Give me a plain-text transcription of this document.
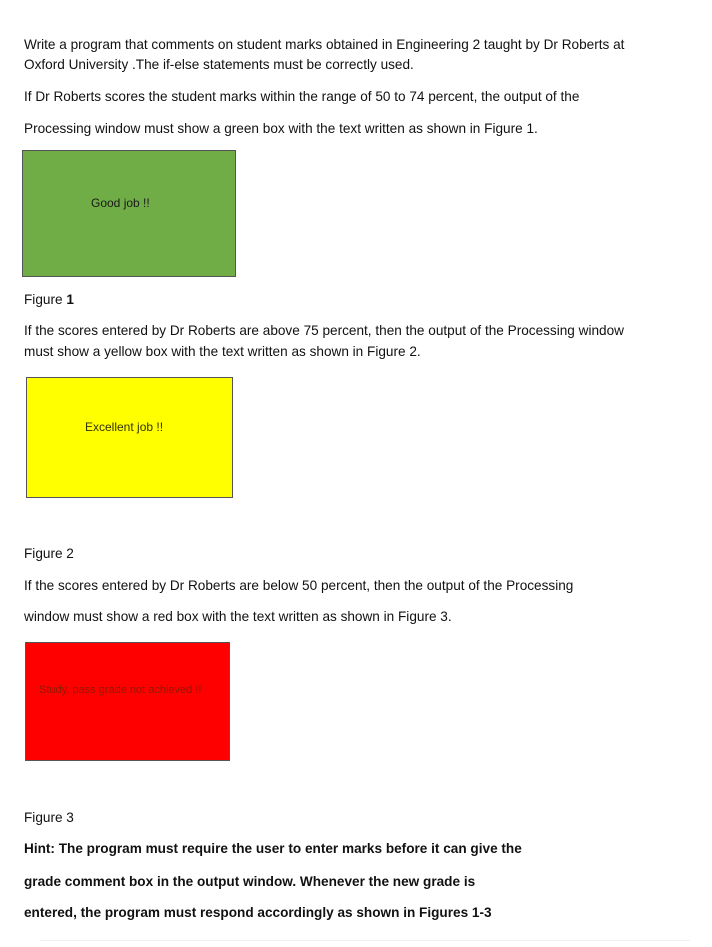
Write a program that comments on student marks obtained in Engineering 2 taught by Dr Roberts at

Oxford University .The if-else statements must be correctly used.

If Dr Roberts scores the student marks within the range of 50 to 74 percent, the output of the

Processing window must show a green box with the text written as shown in Figure 1.

Good job !!

Figure 1

If the scores entered by Dr Roberts are above 75 percent, then the output of the Processing window

must show a yellow box with the text written as shown in Figure 2.

Excellent job !!

Figure 2

If the scores entered by Dr Roberts are below 50 percent, then the output of the Processing

window must show a red box with the text written as shown in Figure 3.

Study, pass grade not achieved !!

Figure 3

Hint: The program must require the user to enter marks before it can give the

grade comment box in the output window. Whenever the new grade is

entered, the program must respond accordingly as shown in Figures 1-3
